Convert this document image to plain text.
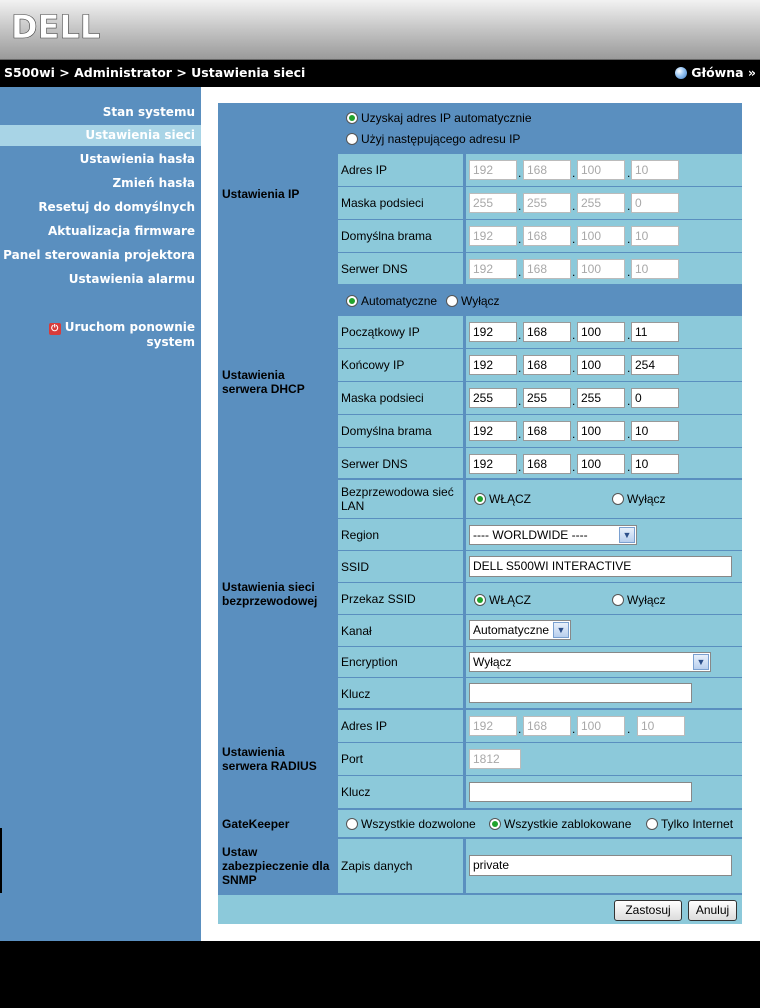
DELL
S500wi > Administrator > Ustawienia sieci	Główna »
Stan systemu
Ustawienia sieci
Ustawienia hasła
Zmień hasła
Resetuj do domyślnych
Aktualizacja firmware
Panel sterowania projektora
Ustawienia alarmu
⏻ Uruchom ponownie
system
Ustawienia IP
Uzyskaj adres IP automatycznie
Użyj następującego adresu IP
Adres IP	192	. 168	. 100	. 10
Maska podsieci	255	. 255	. 255	. 0
Domyślna brama	192	. 168	. 100	. 10
Serwer DNS	192	. 168	. 100	. 10
Ustawienia
serwera DHCP
Automatyczne	Wyłącz
Początkowy IP	192	. 168	. 100	. 11
Końcowy IP	192	. 168	. 100	. 254
Maska podsieci	255	. 255	. 255	. 0
Domyślna brama	192	. 168	. 100	. 10
Serwer DNS	192	. 168	. 100	. 10
Ustawienia sieci
bezprzewodowej
Bezprzewodowa sieć
LAN	WŁĄCZ	Wyłącz
Region	---- WORLDWIDE ----	▼
SSID	DELL S500WI INTERACTIVE
Przekaz SSID	WŁĄCZ	Wyłącz
Kanał	Automatyczne ▼
Encryption	Wyłącz	▼
Klucz
Ustawienia
serwera RADIUS
Adres IP	192	. 168	. 100	. 10
Port	1812
Klucz
GateKeeper	Wszystkie dozwolone	Wszystkie zablokowane	Tylko Internet
Ustaw
zabezpieczenie dla
SNMP
Zapis danych	private
Zastosuj	Anuluj
